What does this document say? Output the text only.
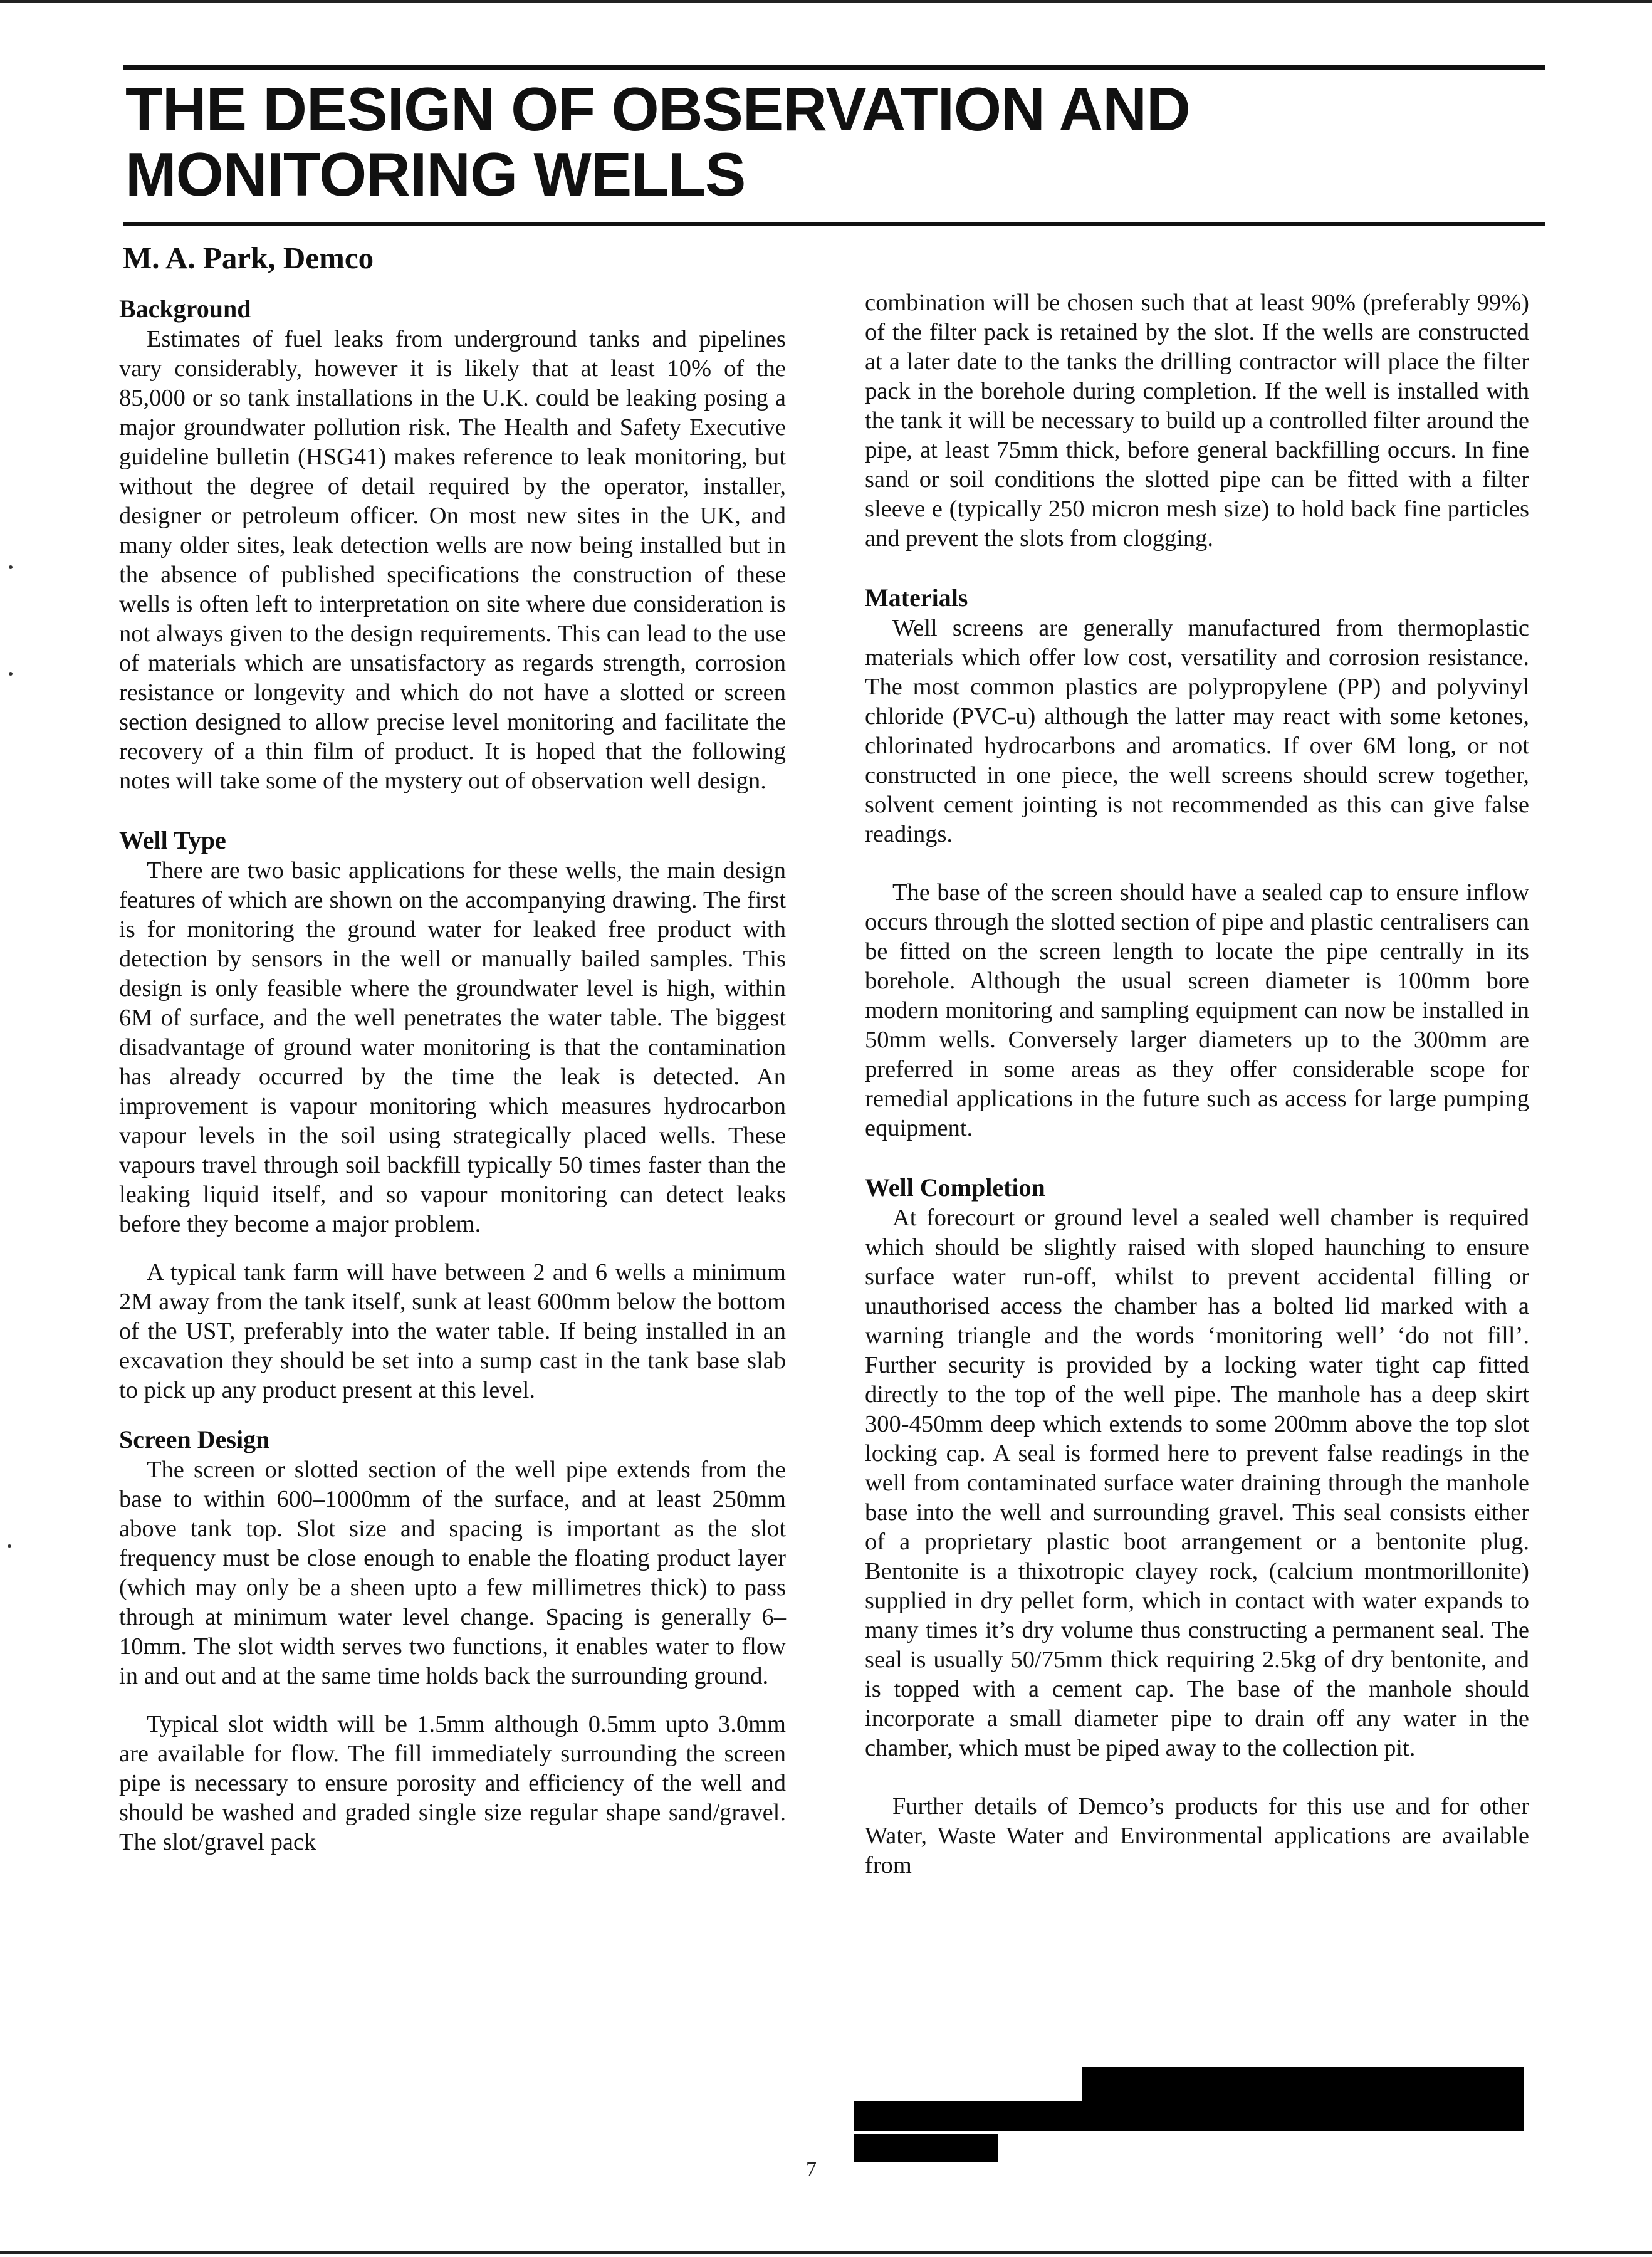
THE DESIGN OF OBSERVATION AND MONITORING WELLS
M. A. Park, Demco
Background

Estimates of fuel leaks from underground tanks and pipelines vary considerably, however it is likely that at least 10% of the 85,000 or so tank installations in the U.K. could be leaking posing a major groundwater pollution risk. The Health and Safety Executive guideline bulletin (HSG41) makes reference to leak monitoring, but without the degree of detail required by the operator, installer, designer or petroleum officer. On most new sites in the UK, and many older sites, leak detection wells are now being installed but in the absence of published specifications the construction of these wells is often left to interpretation on site where due consideration is not always given to the design requirements. This can lead to the use of materials which are unsatisfactory as regards strength, corrosion resistance or longevity and which do not have a slotted or screen section designed to allow precise level monitoring and facilitate the recovery of a thin film of product. It is hoped that the following notes will take some of the mystery out of observation well design.

Well Type

There are two basic applications for these wells, the main design features of which are shown on the accompanying drawing. The first is for monitoring the ground water for leaked free product with detection by sensors in the well or manually bailed samples. This design is only feasible where the groundwater level is high, within 6M of surface, and the well penetrates the water table. The biggest disadvantage of ground water monitoring is that the contamination has already occurred by the time the leak is detected. An improvement is vapour monitoring which measures hydrocarbon vapour levels in the soil using strategically placed wells. These vapours travel through soil backfill typically 50 times faster than the leaking liquid itself, and so vapour monitoring can detect leaks before they become a major problem.

A typical tank farm will have between 2 and 6 wells a minimum 2M away from the tank itself, sunk at least 600mm below the bottom of the UST, preferably into the water table. If being installed in an excavation they should be set into a sump cast in the tank base slab to pick up any product present at this level.

Screen Design

The screen or slotted section of the well pipe extends from the base to within 600–1000mm of the surface, and at least 250mm above tank top. Slot size and spacing is important as the slot frequency must be close enough to enable the floating product layer (which may only be a sheen upto a few millimetres thick) to pass through at minimum water level change. Spacing is generally 6–10mm. The slot width serves two functions, it enables water to flow in and out and at the same time holds back the surrounding ground.

Typical slot width will be 1.5mm although 0.5mm upto 3.0mm are available for flow. The fill immediately surrounding the screen pipe is necessary to ensure porosity and efficiency of the well and should be washed and graded single size regular shape sand/gravel. The slot/gravel pack

combination will be chosen such that at least 90% (preferably 99%) of the filter pack is retained by the slot. If the wells are constructed at a later date to the tanks the drilling contractor will place the filter pack in the borehole during completion. If the well is installed with the tank it will be necessary to build up a controlled filter around the pipe, at least 75mm thick, before general backfilling occurs. In fine sand or soil conditions the slotted pipe can be fitted with a filter sleeve e (typically 250 micron mesh size) to hold back fine particles and prevent the slots from clogging.

Materials

Well screens are generally manufactured from thermoplastic materials which offer low cost, versatility and corrosion resistance. The most common plastics are polypropylene (PP) and polyvinyl chloride (PVC-u) although the latter may react with some ketones, chlorinated hydrocarbons and aromatics. If over 6M long, or not constructed in one piece, the well screens should screw together, solvent cement jointing is not recommended as this can give false readings.

The base of the screen should have a sealed cap to ensure inflow occurs through the slotted section of pipe and plastic centralisers can be fitted on the screen length to locate the pipe centrally in its borehole. Although the usual screen diameter is 100mm bore modern monitoring and sampling equipment can now be installed in 50mm wells. Conversely larger diameters up to the 300mm are preferred in some areas as they offer considerable scope for remedial applications in the future such as access for large pumping equipment.

Well Completion

At forecourt or ground level a sealed well chamber is required which should be slightly raised with sloped haunching to ensure surface water run-off, whilst to prevent accidental filling or unauthorised access the chamber has a bolted lid marked with a warning triangle and the words ‘monitoring well’ ‘do not fill’. Further security is provided by a locking water tight cap fitted directly to the top of the well pipe. The manhole has a deep skirt 300-450mm deep which extends to some 200mm above the top slot locking cap. A seal is formed here to prevent false readings in the well from contaminated surface water draining through the manhole base into the well and surrounding gravel. This seal consists either of a proprietary plastic boot arrangement or a bentonite plug. Bentonite is a thixotropic clayey rock, (calcium montmorillonite) supplied in dry pellet form, which in contact with water expands to many times it’s dry volume thus constructing a permanent seal. The seal is usually 50/75mm thick requiring 2.5kg of dry bentonite, and is topped with a cement cap. The base of the manhole should incorporate a small diameter pipe to drain off any water in the chamber, which must be piped away to the collection pit.

Further details of Demco’s products for this use and for other Water, Waste Water and Environmental applications are available from

7
